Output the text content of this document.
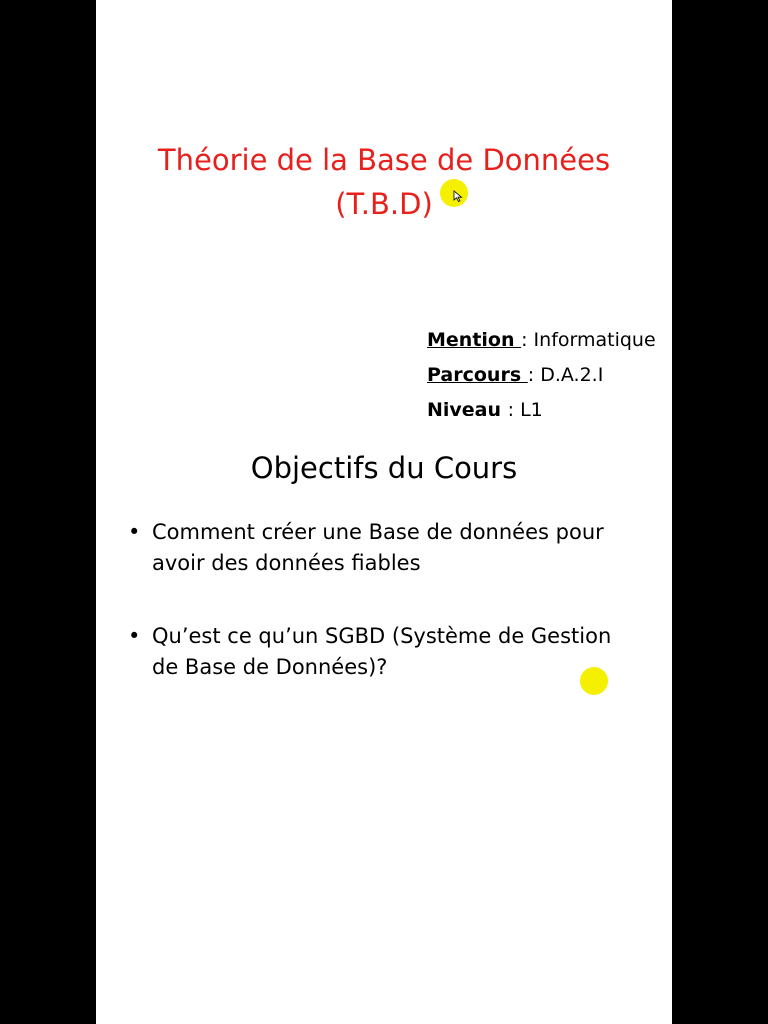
Théorie de la Base de Données
(T.B.D)
Mention : Informatique
Parcours : D.A.2.I
Niveau : L1
Objectifs du Cours
• Comment créer une Base de données pour avoir des données fiables
• Qu’est ce qu’un SGBD (Système de Gestion de Base de Données)?
